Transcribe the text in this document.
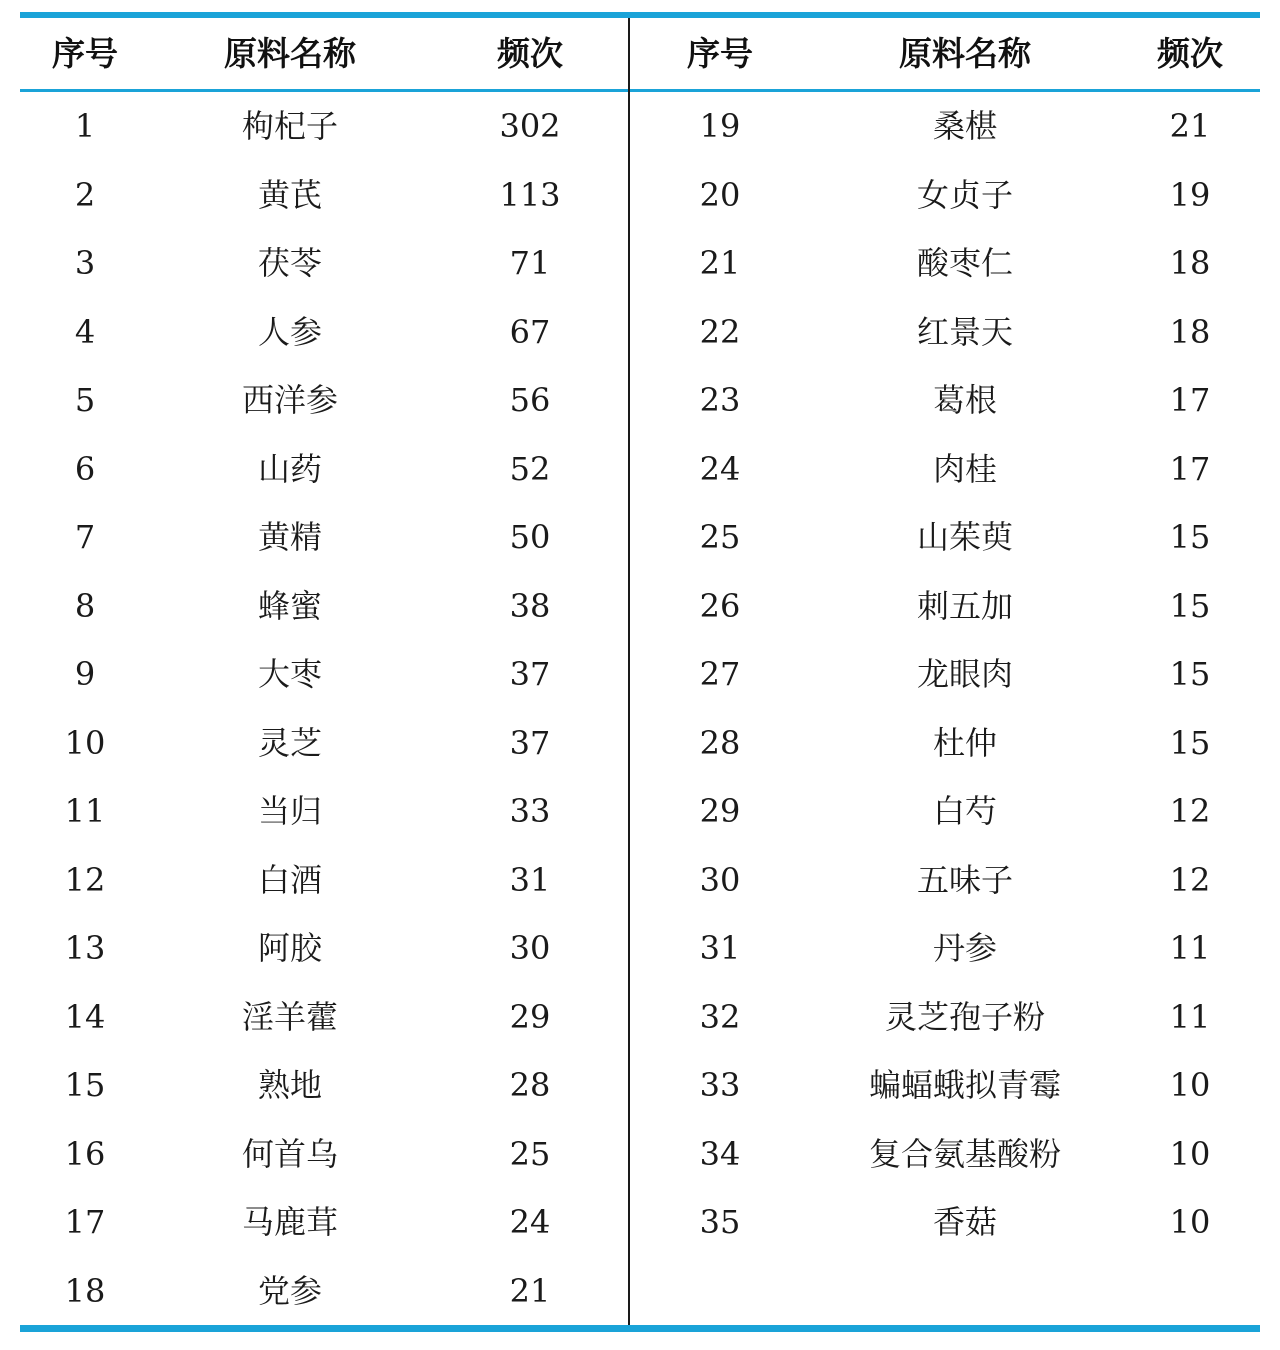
序号	原料名称	频次	序号	原料名称	频次
1	枸杞子	302	19	桑椹	21
2	黄芪	113	20	女贞子	19
3	茯苓	71	21	酸枣仁	18
4	人参	67	22	红景天	18
5	西洋参	56	23	葛根	17
6	山药	52	24	肉桂	17
7	黄精	50	25	山茱萸	15
8	蜂蜜	38	26	刺五加	15
9	大枣	37	27	龙眼肉	15
10	灵芝	37	28	杜仲	15
11	当归	33	29	白芍	12
12	白酒	31	30	五味子	12
13	阿胶	30	31	丹参	11
14	淫羊藿	29	32	灵芝孢子粉	11
15	熟地	28	33	蝙蝠蛾拟青霉	10
16	何首乌	25	34	复合氨基酸粉	10
17	马鹿茸	24	35	香菇	10
18	党参	21
